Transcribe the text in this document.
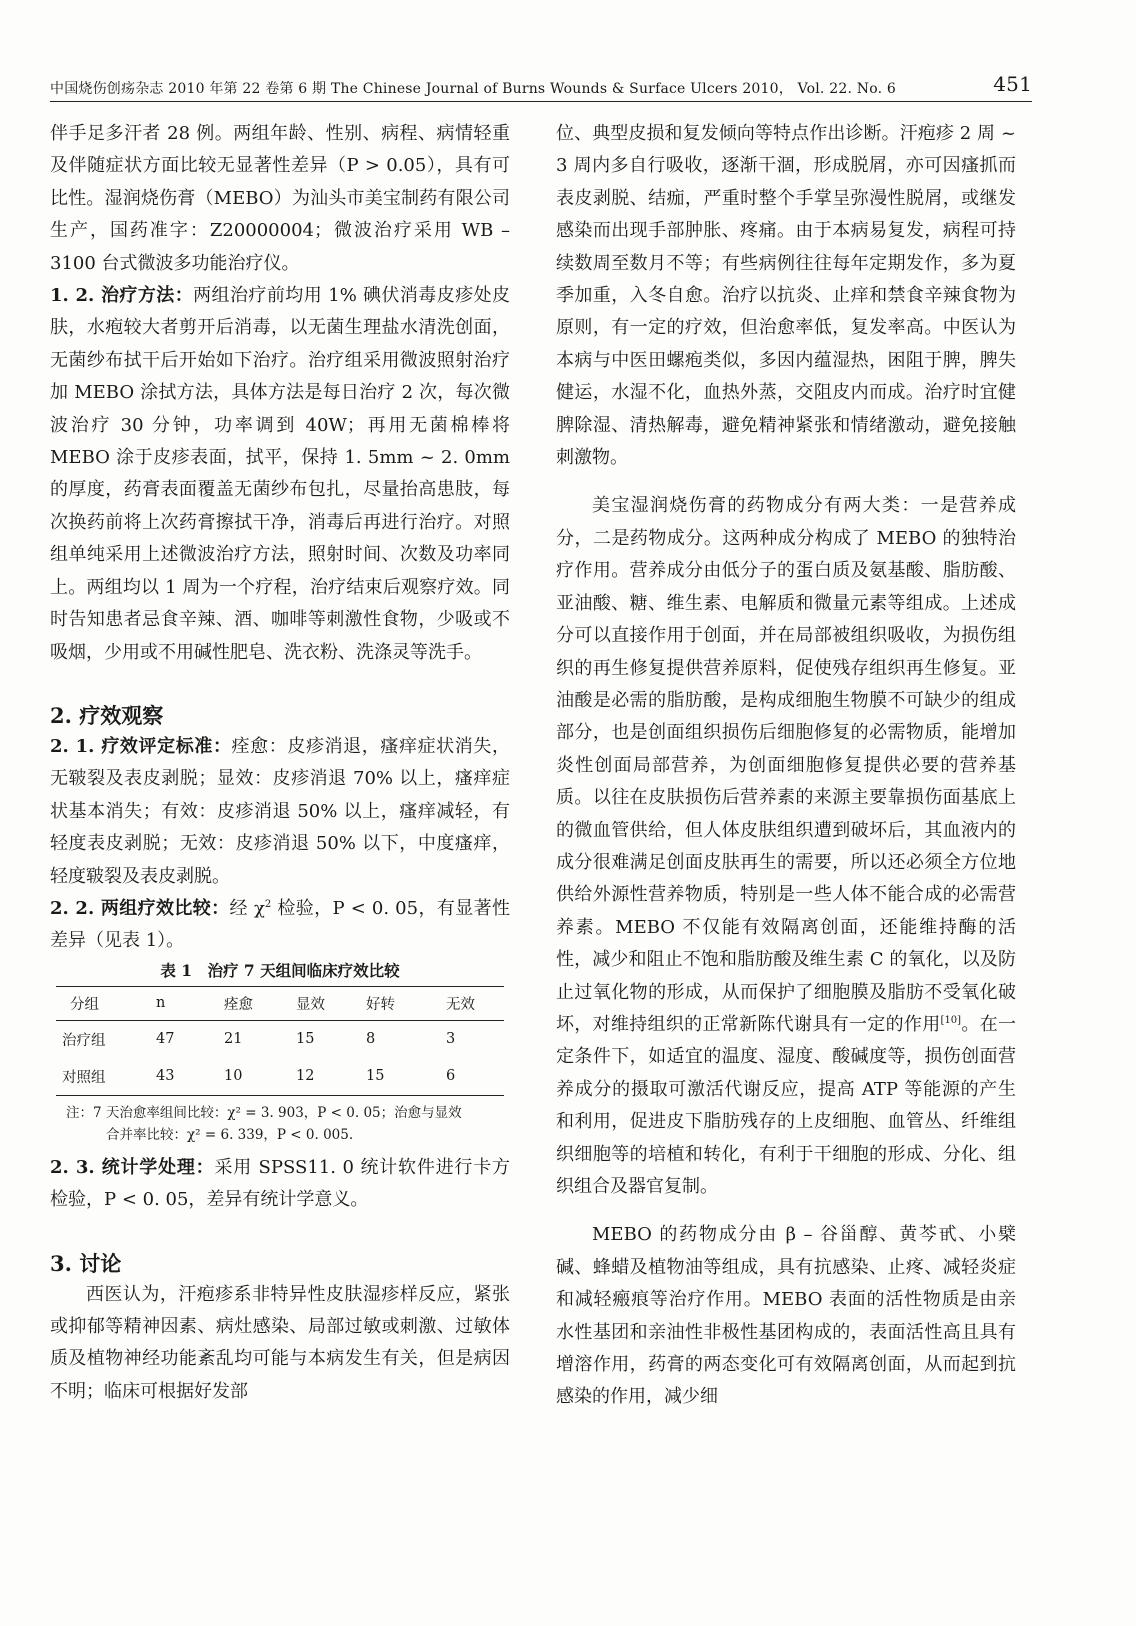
中国烧伤创疡杂志 2010 年第 22 卷第 6 期 The Chinese Journal of Burns Wounds & Surface Ulcers 2010， Vol. 22. No. 6	451

伴手足多汗者 28 例。两组年龄、性别、病程、病情轻重及伴随症状方面比较无显著性差异（P > 0.05），具有可比性。湿润烧伤膏（MEBO）为汕头市美宝制药有限公司生产，国药准字：Z20000004；微波治疗采用 WB – 3100 台式微波多功能治疗仪。

1. 2. 治疗方法：两组治疗前均用 1% 碘伏消毒皮疹处皮肤，水疱较大者剪开后消毒，以无菌生理盐水清洗创面，无菌纱布拭干后开始如下治疗。治疗组采用微波照射治疗加 MEBO 涂拭方法，具体方法是每日治疗 2 次，每次微波治疗 30 分钟，功率调到 40W；再用无菌棉棒将 MEBO 涂于皮疹表面，拭平，保持 1. 5mm ~ 2. 0mm 的厚度，药膏表面覆盖无菌纱布包扎，尽量抬高患肢，每次换药前将上次药膏擦拭干净，消毒后再进行治疗。对照组单纯采用上述微波治疗方法，照射时间、次数及功率同上。两组均以 1 周为一个疗程，治疗结束后观察疗效。同时告知患者忌食辛辣、酒、咖啡等刺激性食物，少吸或不吸烟，少用或不用碱性肥皂、洗衣粉、洗涤灵等洗手。

2. 疗效观察

2. 1. 疗效评定标准：痊愈：皮疹消退，瘙痒症状消失，无皲裂及表皮剥脱；显效：皮疹消退 70% 以上，瘙痒症状基本消失；有效：皮疹消退 50% 以上，瘙痒减轻，有轻度表皮剥脱；无效：皮疹消退 50% 以下，中度瘙痒，轻度皲裂及表皮剥脱。

2. 2. 两组疗效比较：经 $\chi^2$ 检验，P < 0. 05，有显著性差异（见表 1）。

表 1　治疗 7 天组间临床疗效比较

分组	n	痊愈	显效	好转	无效
治疗组	47	21	15	8	3
对照组	43	10	12	15	6
注：7 天治愈率组间比较：χ² = 3. 903，P < 0. 05；治愈与显效
合并率比较：χ² = 6. 339，P < 0. 005.

2. 3. 统计学处理：采用 SPSS11. 0 统计软件进行卡方检验，P < 0. 05，差异有统计学意义。

3. 讨论

西医认为，汗疱疹系非特异性皮肤湿疹样反应，紧张或抑郁等精神因素、病灶感染、局部过敏或刺激、过敏体质及植物神经功能紊乱均可能与本病发生有关，但是病因不明；临床可根据好发部

位、典型皮损和复发倾向等特点作出诊断。汗疱疹 2 周 ~ 3 周内多自行吸收，逐渐干涸，形成脱屑，亦可因瘙抓而表皮剥脱、结痂，严重时整个手掌呈弥漫性脱屑，或继发感染而出现手部肿胀、疼痛。由于本病易复发，病程可持续数周至数月不等；有些病例往往每年定期发作，多为夏季加重，入冬自愈。治疗以抗炎、止痒和禁食辛辣食物为原则，有一定的疗效，但治愈率低，复发率高。中医认为本病与中医田螺疱类似，多因内蕴湿热，困阻于脾，脾失健运，水湿不化，血热外蒸，交阻皮内而成。治疗时宜健脾除湿、清热解毒，避免精神紧张和情绪激动，避免接触刺激物。

美宝湿润烧伤膏的药物成分有两大类：一是营养成分，二是药物成分。这两种成分构成了 MEBO 的独特治疗作用。营养成分由低分子的蛋白质及氨基酸、脂肪酸、亚油酸、糖、维生素、电解质和微量元素等组成。上述成分可以直接作用于创面，并在局部被组织吸收，为损伤组织的再生修复提供营养原料，促使残存组织再生修复。亚油酸是必需的脂肪酸，是构成细胞生物膜不可缺少的组成部分，也是创面组织损伤后细胞修复的必需物质，能增加炎性创面局部营养，为创面细胞修复提供必要的营养基质。以往在皮肤损伤后营养素的来源主要靠损伤面基底上的微血管供给，但人体皮肤组织遭到破坏后，其血液内的成分很难满足创面皮肤再生的需要，所以还必须全方位地供给外源性营养物质，特别是一些人体不能合成的必需营养素。MEBO 不仅能有效隔离创面，还能维持酶的活性，减少和阻止不饱和脂肪酸及维生素 C 的氧化，以及防止过氧化物的形成，从而保护了细胞膜及脂肪不受氧化破坏，对维持组织的正常新陈代谢具有一定的作用[10]。在一定条件下，如适宜的温度、湿度、酸碱度等，损伤创面营养成分的摄取可激活代谢反应，提高 ATP 等能源的产生和利用，促进皮下脂肪残存的上皮细胞、血管丛、纤维组织细胞等的培植和转化，有利于干细胞的形成、分化、组织组合及器官复制。

MEBO 的药物成分由 β – 谷甾醇、黄芩甙、小檗碱、蜂蜡及植物油等组成，具有抗感染、止疼、减轻炎症和减轻瘢痕等治疗作用。MEBO 表面的活性物质是由亲水性基团和亲油性非极性基团构成的，表面活性高且具有增溶作用，药膏的两态变化可有效隔离创面，从而起到抗感染的作用，减少细
